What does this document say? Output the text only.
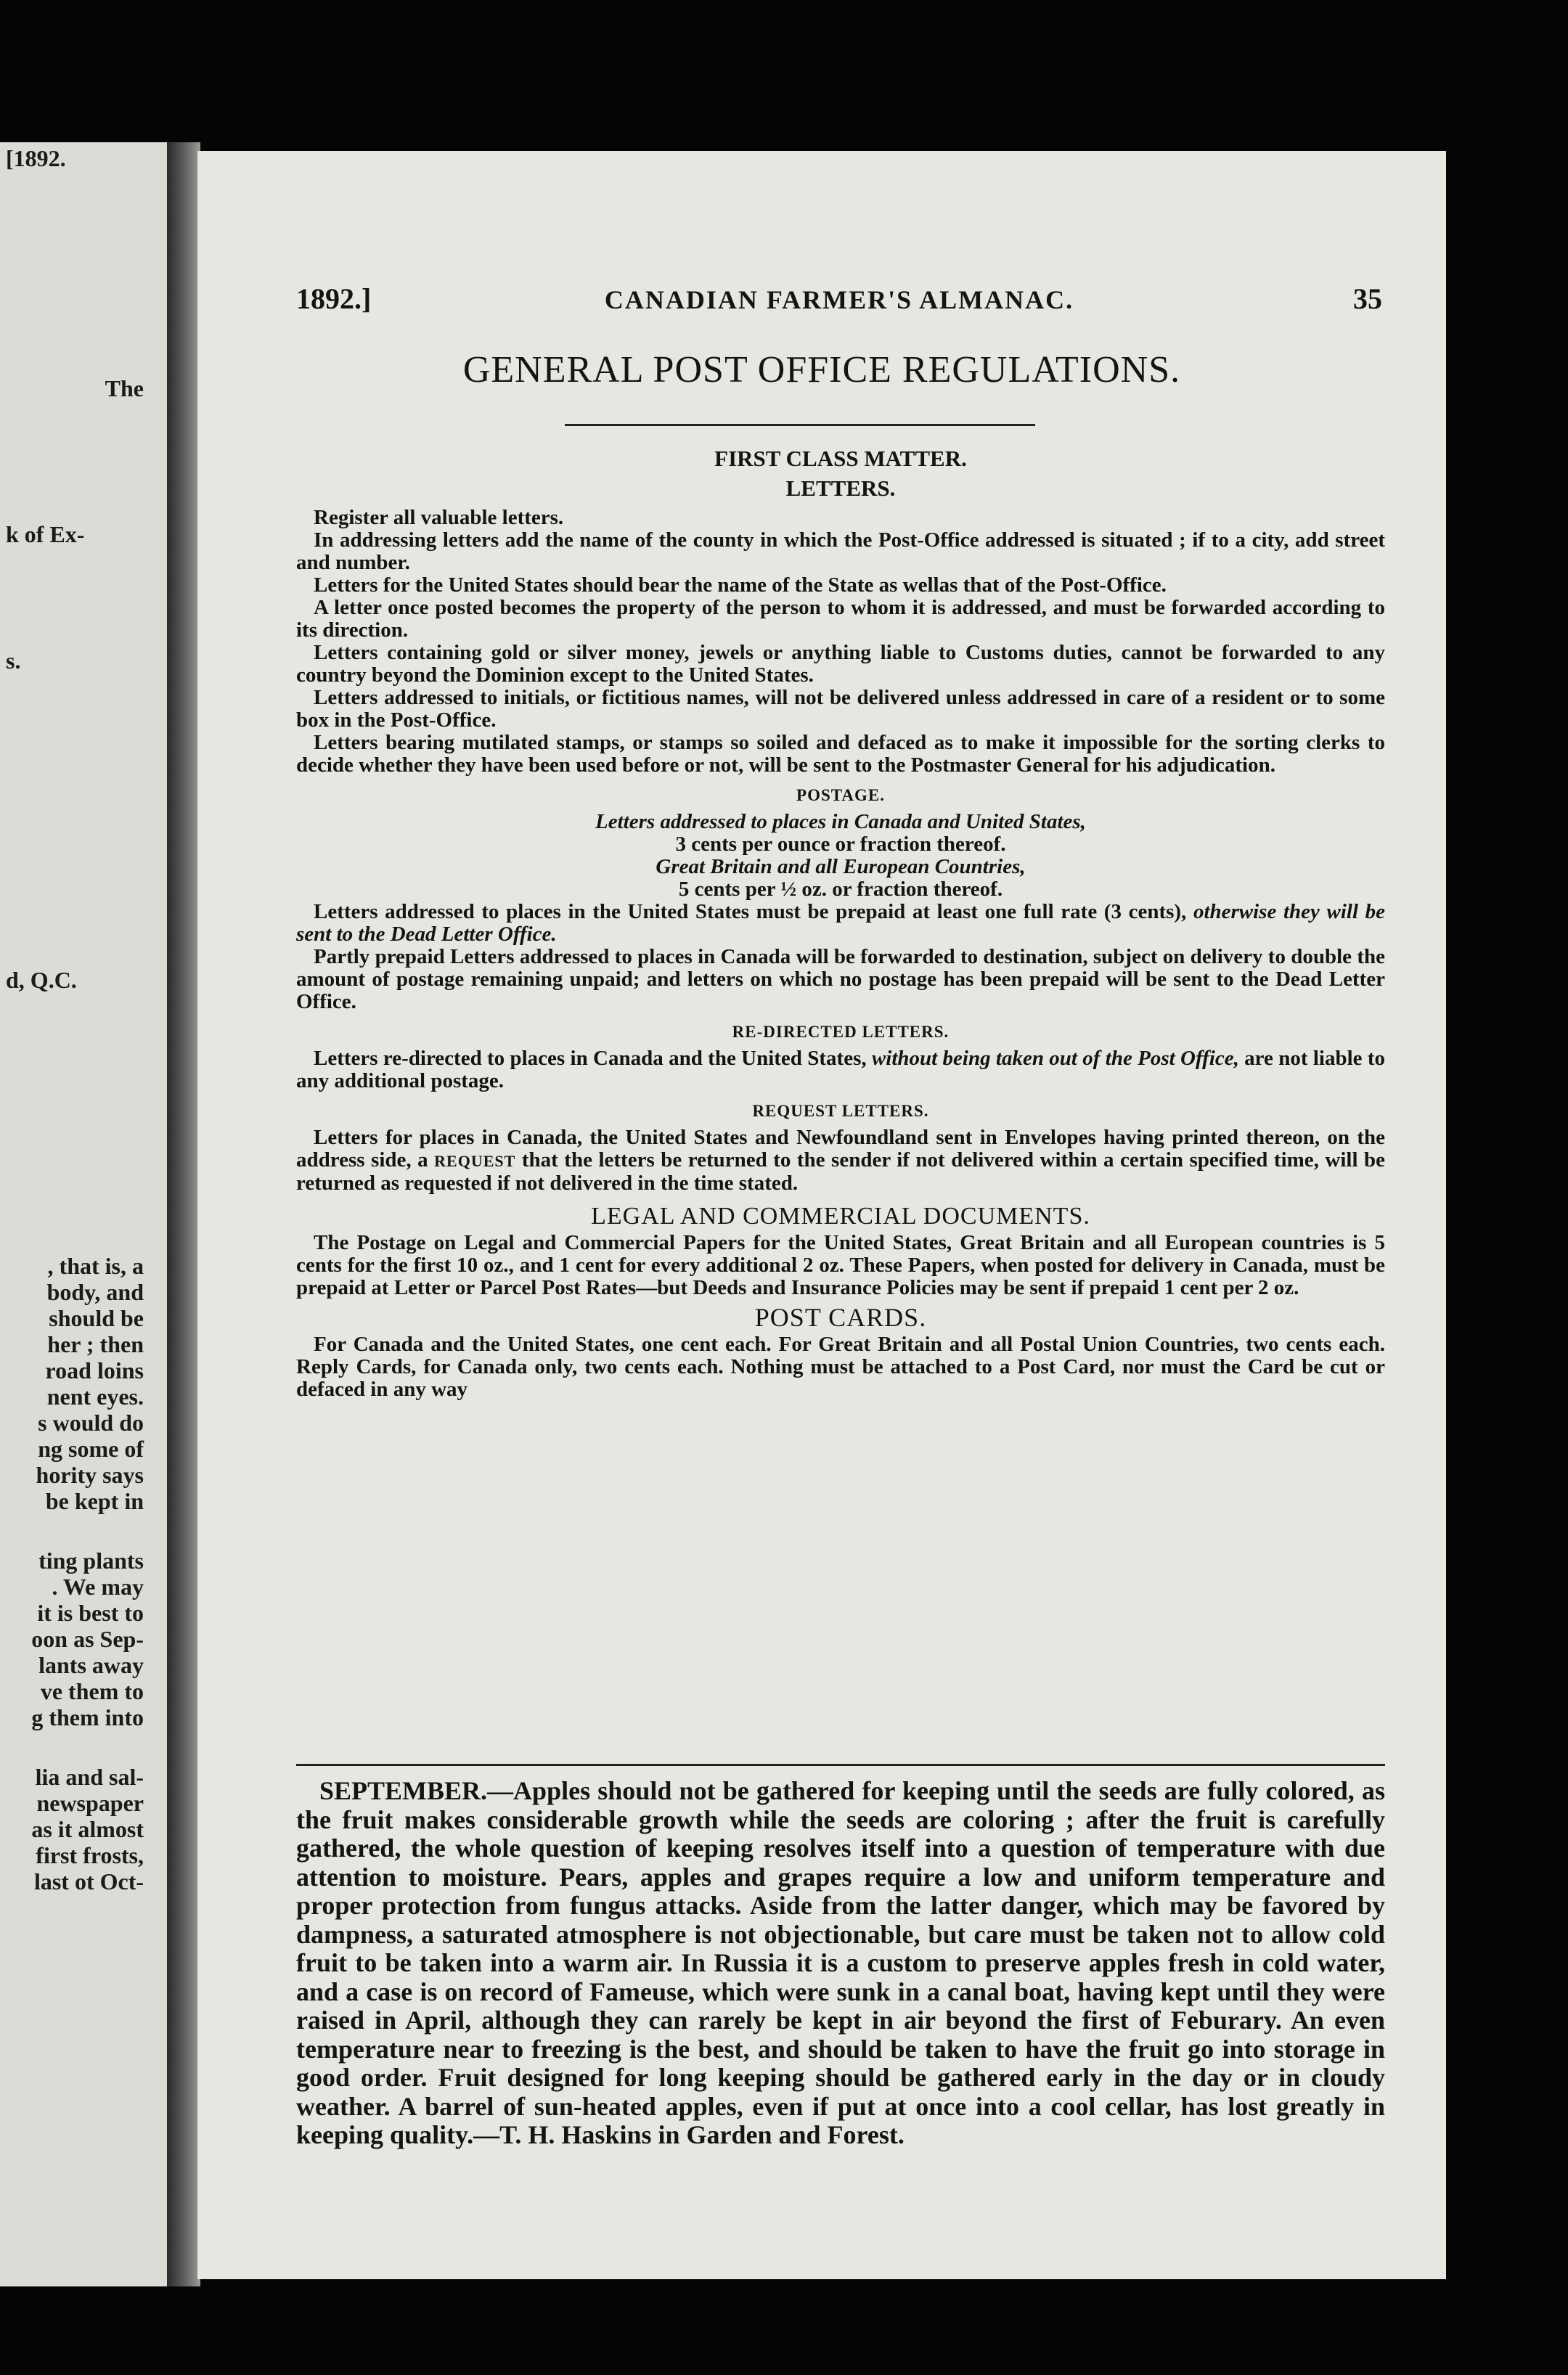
[1892.
The
k of Ex-
s.
d, Q.C.
, that is, a
body, and
should be
her ; then
road loins
nent eyes.
s would do
ng some of
hority says
be kept in
ting plants
. We may
it is best to
oon as Sep-
lants away
ve them to
g them into
lia and sal-
newspaper
as it almost
first frosts,
last ot Oct-
1892.]	CANADIAN FARMER'S ALMANAC.	35
GENERAL POST OFFICE REGULATIONS.
FIRST CLASS MATTER.
LETTERS.

Register all valuable letters.

In addressing letters add the name of the county in which the Post-Office addressed is situated ; if to a city, add street and number.

Letters for the United States should bear the name of the State as wellas that of the Post-Office.

A letter once posted becomes the property of the person to whom it is addressed, and must be forwarded according to its direction.

Letters containing gold or silver money, jewels or anything liable to Customs duties, cannot be forwarded to any country beyond the Dominion except to the United States.

Letters addressed to initials, or fictitious names, will not be delivered unless addressed in care of a resident or to some box in the Post-Office.

Letters bearing mutilated stamps, or stamps so soiled and defaced as to make it impossible for the sorting clerks to decide whether they have been used before or not, will be sent to the Postmaster General for his adjudication.

POSTAGE.

Letters addressed to places in Canada and United States,

3 cents per ounce or fraction thereof.

Great Britain and all European Countries,

5 cents per ½ oz. or fraction thereof.

Letters addressed to places in the United States must be prepaid at least one full rate (3 cents), otherwise they will be sent to the Dead Letter Office.

Partly prepaid Letters addressed to places in Canada will be forwarded to destination, subject on delivery to double the amount of postage remaining unpaid; and letters on which no postage has been prepaid will be sent to the Dead Letter Office.

RE-DIRECTED LETTERS.

Letters re-directed to places in Canada and the United States, without being taken out of the Post Office, are not liable to any additional postage.

REQUEST LETTERS.

Letters for places in Canada, the United States and Newfoundland sent in Envelopes having printed thereon, on the address side, a REQUEST that the letters be returned to the sender if not delivered within a certain specified time, will be returned as requested if not delivered in the time stated.

LEGAL AND COMMERCIAL DOCUMENTS.

The Postage on Legal and Commercial Papers for the United States, Great Britain and all European countries is 5 cents for the first 10 oz., and 1 cent for every additional 2 oz. These Papers, when posted for delivery in Canada, must be prepaid at Letter or Parcel Post Rates—but Deeds and Insurance Policies may be sent if prepaid 1 cent per 2 oz.

POST CARDS.

For Canada and the United States, one cent each. For Great Britain and all Postal Union Countries, two cents each. Reply Cards, for Canada only, two cents each. Nothing must be attached to a Post Card, nor must the Card be cut or defaced in any way

SEPTEMBER.—Apples should not be gathered for keeping until the seeds are fully colored, as the fruit makes considerable growth while the seeds are coloring ; after the fruit is carefully gathered, the whole question of keeping resolves itself into a question of temperature with due attention to moisture. Pears, apples and grapes require a low and uniform temperature and proper protection from fungus attacks. Aside from the latter danger, which may be favored by dampness, a saturated atmosphere is not objectionable, but care must be taken not to allow cold fruit to be taken into a warm air. In Russia it is a custom to preserve apples fresh in cold water, and a case is on record of Fameuse, which were sunk in a canal boat, having kept until they were raised in April, although they can rarely be kept in air beyond the first of Feburary. An even temperature near to freezing is the best, and should be taken to have the fruit go into storage in good order. Fruit designed for long keeping should be gathered early in the day or in cloudy weather. A barrel of sun-heated apples, even if put at once into a cool cellar, has lost greatly in keeping quality.—T. H. Haskins in Garden and Forest.
